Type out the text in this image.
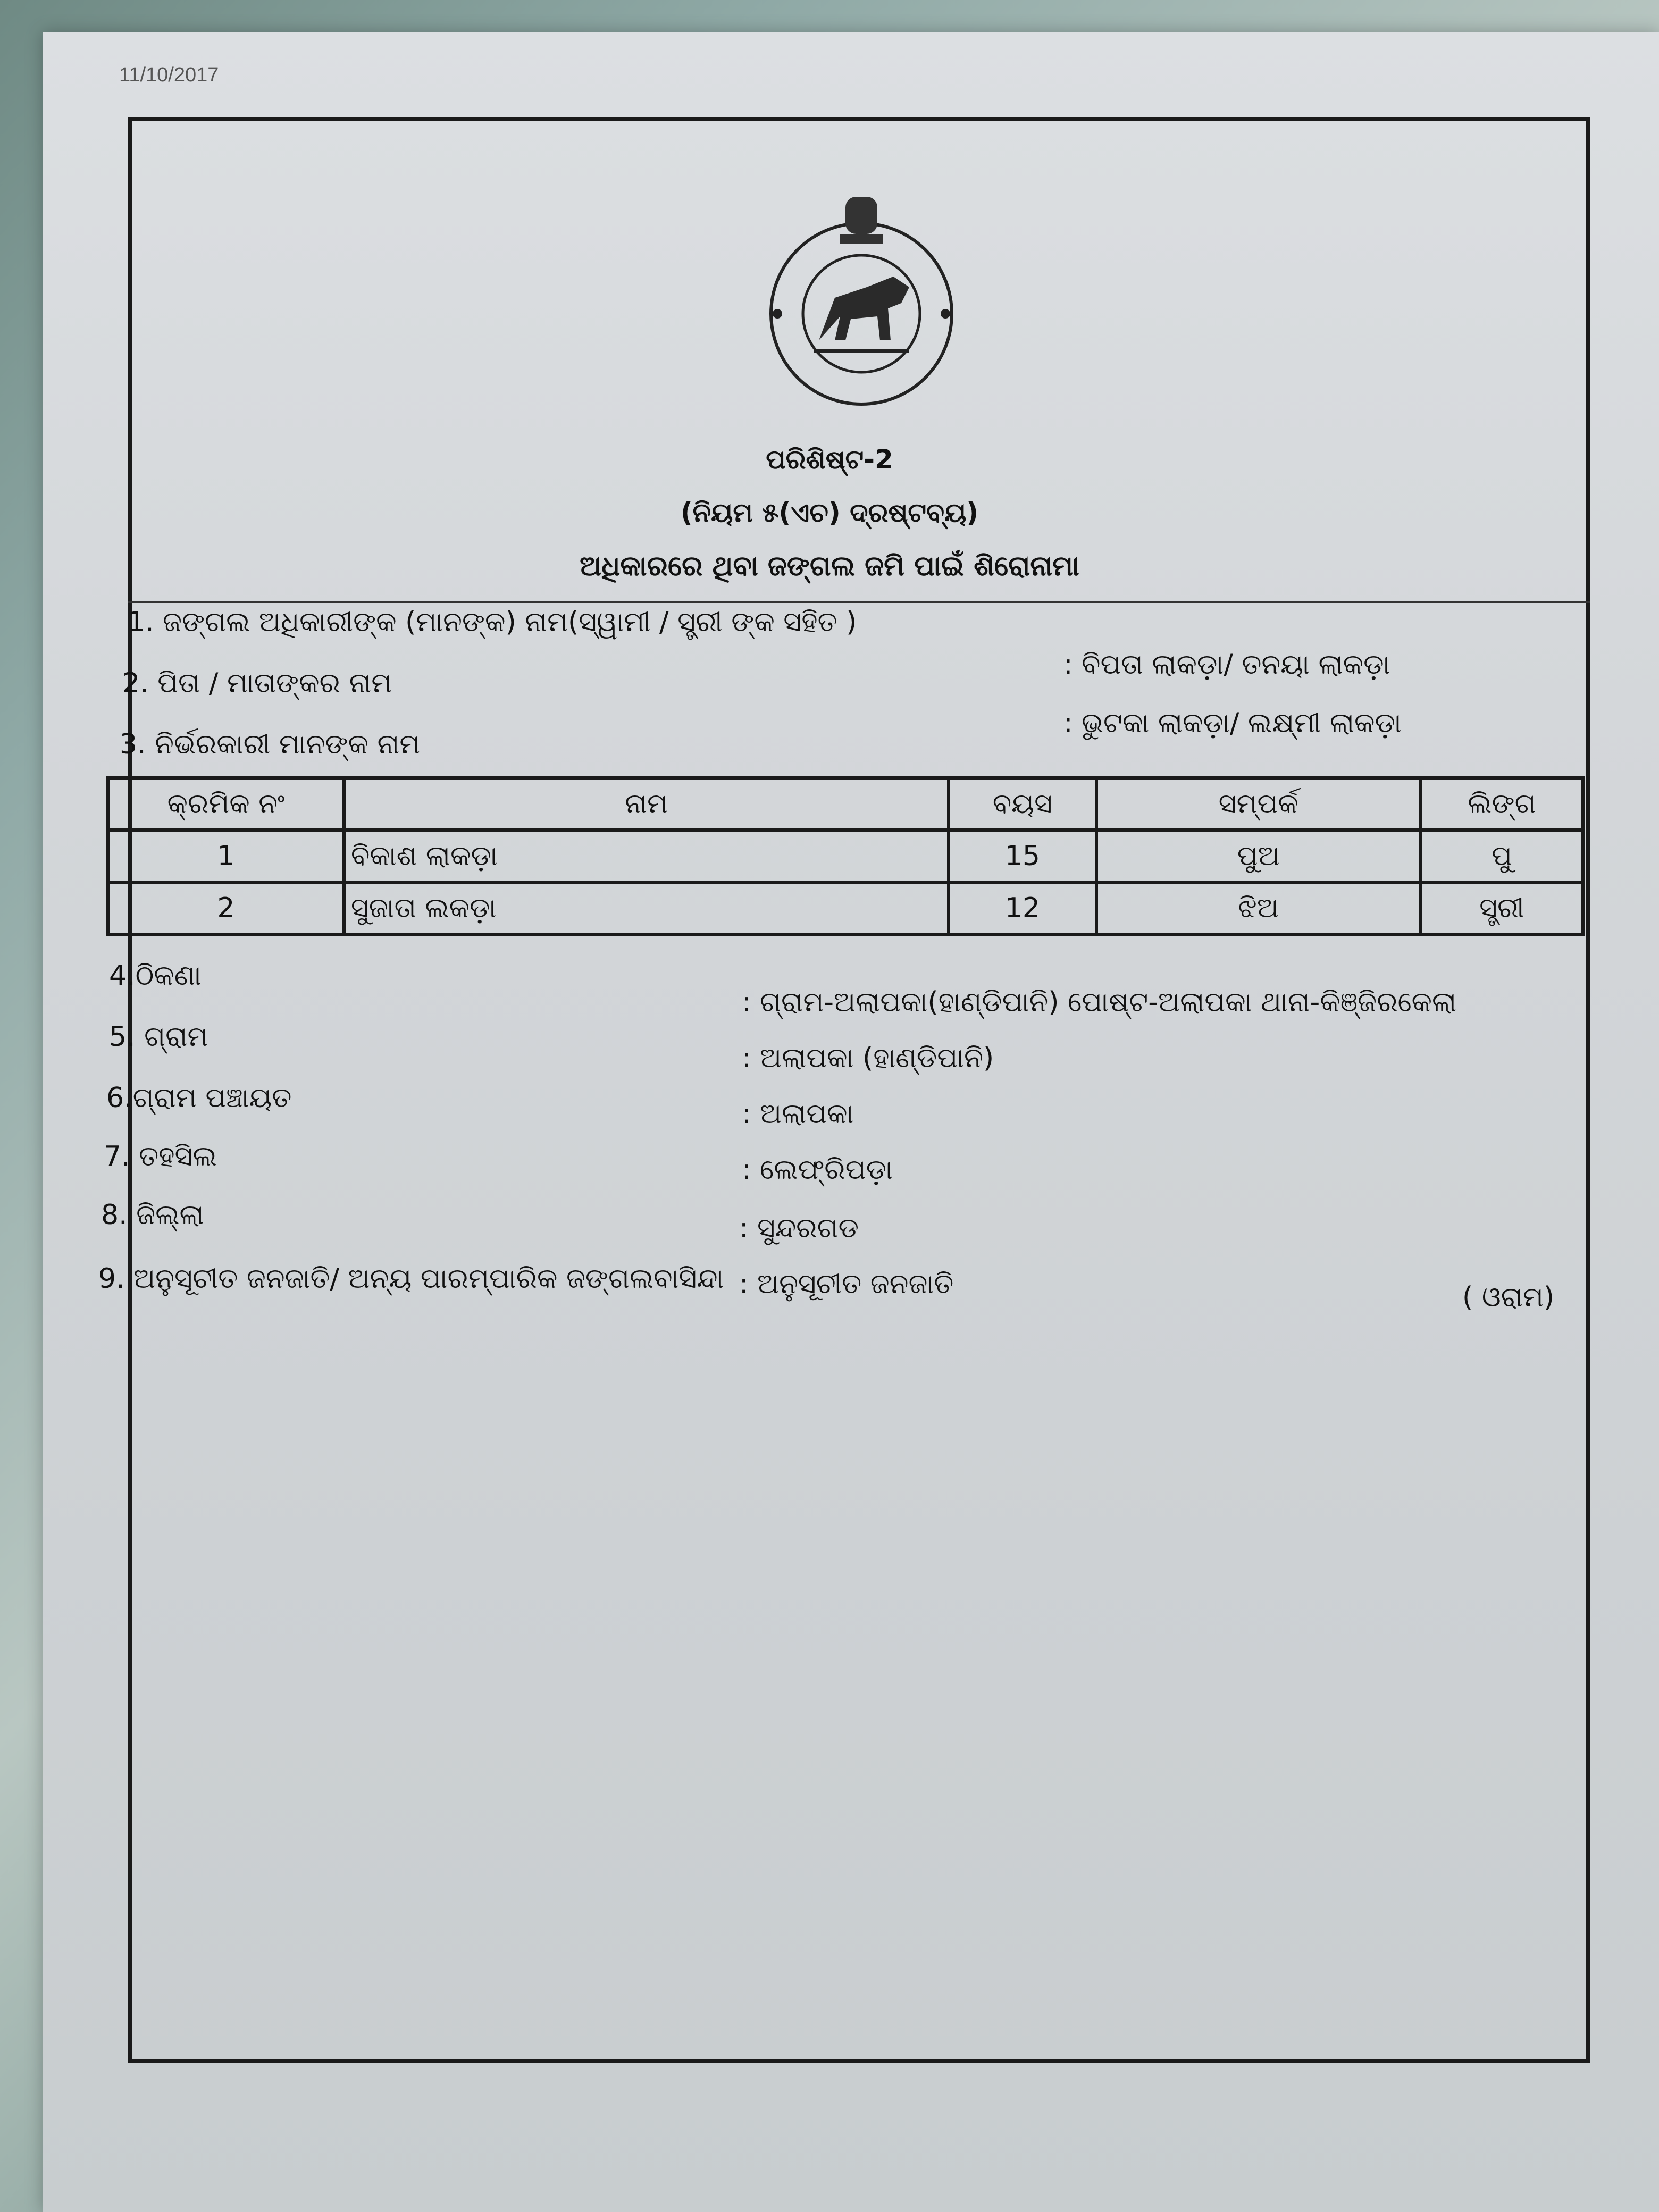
11/10/2017
ପରିଶିଷ୍ଟ-2
(ନିୟମ ୫(ଏଚ) ଦ୍ରଷ୍ଟବ୍ୟ)
ଅଧିକାରରେ ଥିବା ଜଙ୍ଗଲ ଜମି ପାଇଁ ଶିରୋନାମା
1. ଜଙ୍ଗଲ ଅଧିକାରୀଙ୍କ (ମାନଙ୍କ) ନାମ(ସ୍ୱାମୀ / ସ୍ତ୍ରୀ ଙ୍କ ସହିତ )
: ବିପତା ଲାକଡ଼ା/ ତନୟା ଲାକଡ଼ା
2. ପିତା / ମାତାଙ୍କର ନାମ
: ଭୁଟକା ଲାକଡ଼ା/ ଲକ୍ଷ୍ମୀ ଲାକଡ଼ା
3. ନିର୍ଭରକାରୀ ମାନଙ୍କ ନାମ
କ୍ରମିକ ନଂ	ନାମ	ବୟସ	ସମ୍ପର୍କ	ଲିଙ୍ଗ
1	ବିକାଶ ଲାକଡ଼ା	15	ପୁଅ	ପୁ
2	ସୁଜାତା ଲକଡ଼ା	12	ଝିଅ	ସ୍ତ୍ରୀ
4.ଠିକଣା
: ଗ୍ରାମ-ଅଲାପକା(ହାଣ୍ଡିପାନି) ପୋଷ୍ଟ-ଅଲାପକା ଥାନା-କିଞ୍ଜିରକେଲା
5. ଗ୍ରାମ
: ଅଲାପକା (ହାଣ୍ଡିପାନି)
6.ଗ୍ରାମ ପଞ୍ଚାୟତ	: ଅଲାପକା
7. ତହସିଲ	: ଲେଫ୍ରିପଡ଼ା
8. ଜିଲ୍ଲା	: ସୁନ୍ଦରଗଡ
9. ଅନୁସୂଚୀତ ଜନଜାତି/ ଅନ୍ୟ ପାରମ୍ପାରିକ ଜଙ୍ଗଲବାସିନ୍ଦା : ଅନୁସୂଚୀତ ଜନଜାତି	( ଓରାମ)
